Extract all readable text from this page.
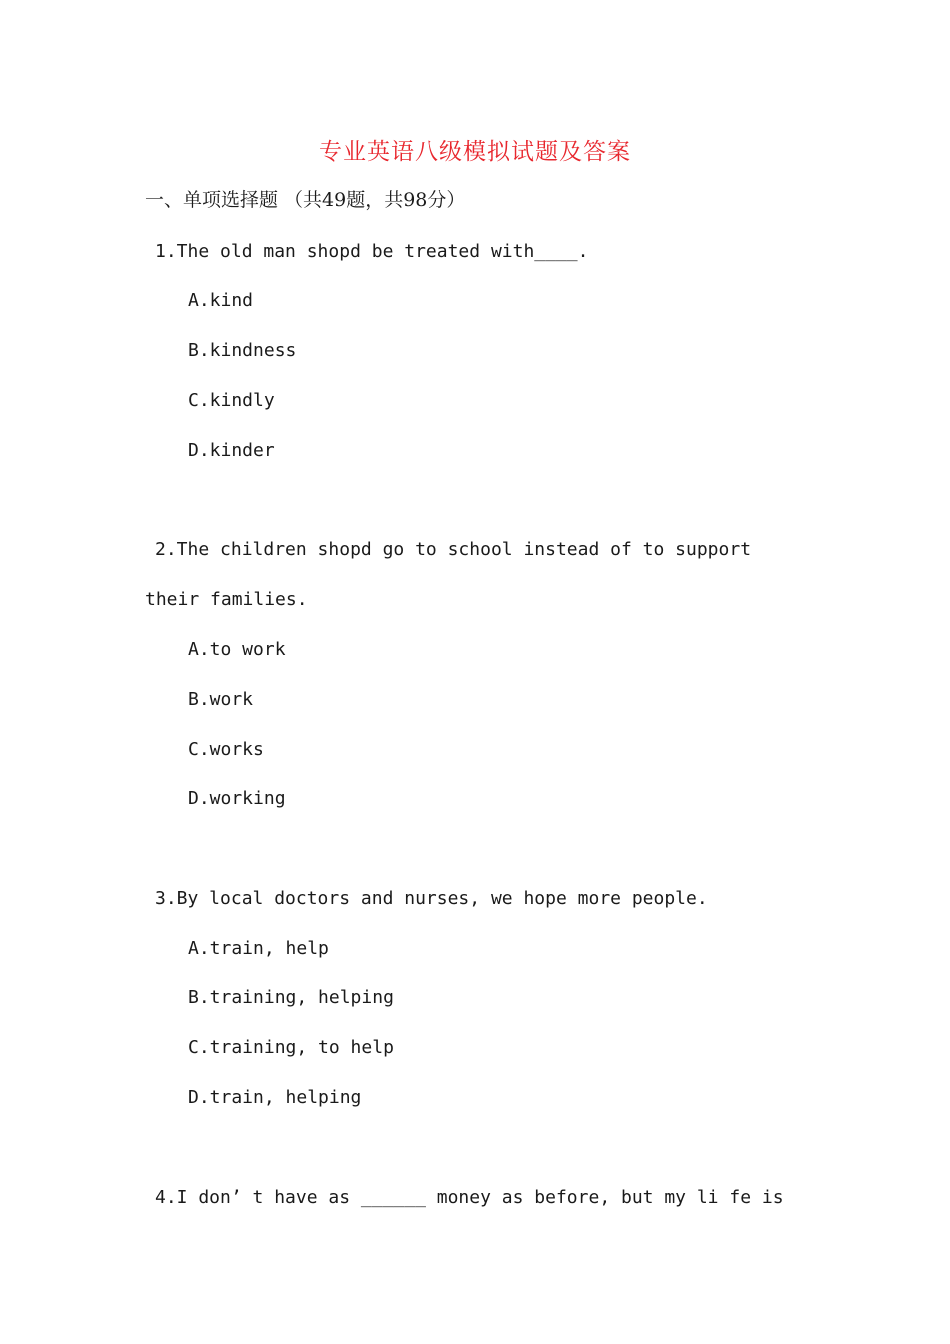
专业英语八级模拟试题及答案
一、单项选择题 （共49题，共98分）
1.The old man shopd be treated with____.
A.kind
B.kindness
C.kindly
D.kinder
2.The children shopd go to school instead of to support
their families.
A.to work
B.work
C.works
D.working
3.By local doctors and nurses, we hope more people.
A.train, help
B.training, helping
C.training, to help
D.train, helping
4.I don’ t have as ______ money as before, but my li fe is
